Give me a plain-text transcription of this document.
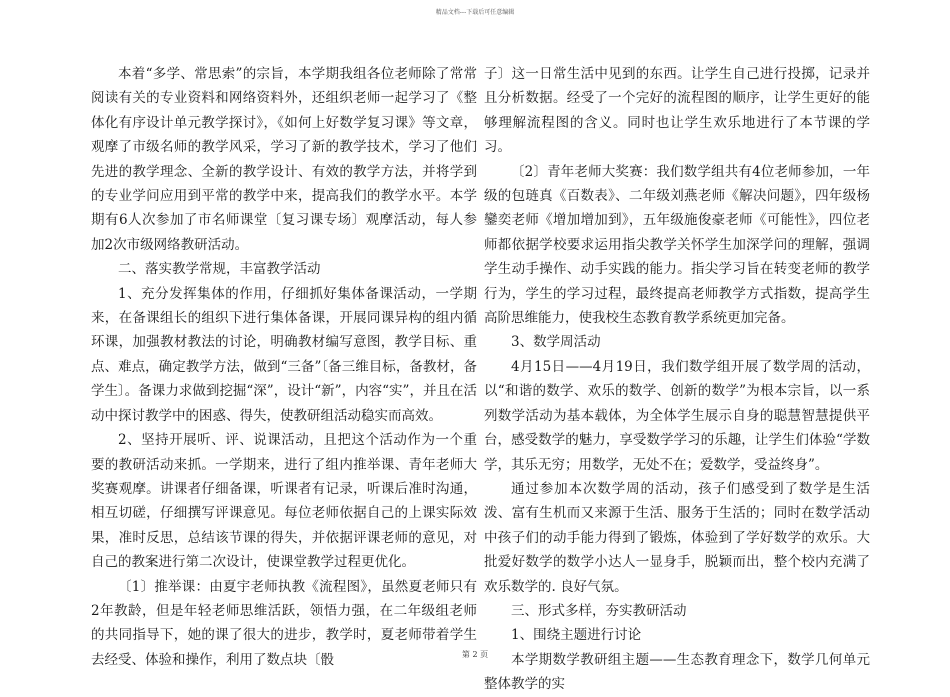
精品文档---下载后可任意编辑

本着“多学、常思索”的宗旨，本学期我组各位老师除了常常阅读有关的专业资料和网络资料外，还组织老师一起学习了《整体化有序设计单元教学探讨》，《如何上好数学复习课》等文章，观摩了市级名师的教学风采，学习了新的教学技术，学习了他们先进的教学理念、全新的教学设计、有效的教学方法，并将学到的专业学问应用到平常的教学中来，提高我们的教学水平。本学期有6人次参加了市名师课堂〔复习课专场〕观摩活动，每人参加2次市级网络教研活动。

二、落实教学常规，丰富教学活动

1、充分发挥集体的作用，仔细抓好集体备课活动，一学期来，在备课组长的组织下进行集体备课，开展同课异构的组内循环课，加强教材教法的讨论，明确教材编写意图，教学目标、重点、难点，确定教学方法，做到“三备”〔备三维目标，备教材，备学生〕。备课力求做到挖掘“深”，设计“新”，内容“实”，并且在活动中探讨教学中的困惑、得失，使教研组活动稳实而高效。

2、坚持开展听、评、说课活动，且把这个活动作为一个重要的教研活动来抓。一学期来，进行了组内推举课、青年老师大奖赛观摩。讲课者仔细备课，听课者有记录，听课后准时沟通，相互切磋，仔细撰写评课意见。每位老师依据自己的上课实际效果，准时反思，总结该节课的得失，并依据评课老师的意见，对自己的教案进行第二次设计，使课堂教学过程更优化。

〔1〕推举课：由夏宇老师执教《流程图》，虽然夏老师只有2年教龄，但是年轻老师思维活跃，领悟力强，在二年级组老师的共同指导下，她的课了很大的进步，教学时，夏老师带着学生去经受、体验和操作，利用了数点块〔骰

子〕这一日常生活中见到的东西。让学生自己进行投掷，记录并且分析数据。经受了一个完好的流程图的顺序，让学生更好的能够理解流程图的含义。同时也让学生欢乐地进行了本节课的学习。

〔2〕青年老师大奖赛：我们数学组共有4位老师参加，一年级的包琏真《百数表》、二年级刘燕老师《解决问题》，四年级杨鑾奕老师《增加增加到》，五年级施俊豪老师《可能性》，四位老师都依据学校要求运用指尖教学关怀学生加深学问的理解，强调学生动手操作、动手实践的能力。指尖学习旨在转变老师的教学行为，学生的学习过程，最终提高老师教学方式指数，提高学生高阶思维能力，使我校生态教育教学系统更加完备。

3、数学周活动

4月15日——4月19日，我们数学组开展了数学周的活动，以“和谐的数学、欢乐的数学、创新的数学”为根本宗旨，以一系列数学活动为基本载体，为全体学生展示自身的聪慧智慧提供平台，感受数学的魅力，享受数学学习的乐趣，让学生们体验“学数学，其乐无穷；用数学，无处不在；爱数学，受益终身”。

通过参加本次数学周的活动，孩子们感受到了数学是生活泼、富有生机而又来源于生活、服务于生活的；同时在数学活动中孩子们的动手能力得到了锻炼，体验到了学好数学的欢乐。大批爱好数学的数学小达人一显身手，脱颖而出，整个校内充满了欢乐数学的. 良好气氛。

三、形式多样，夯实教研活动

1、围绕主题进行讨论

本学期数学教研组主题——生态教育理念下，数学几何单元整体教学的实

第 2 页
